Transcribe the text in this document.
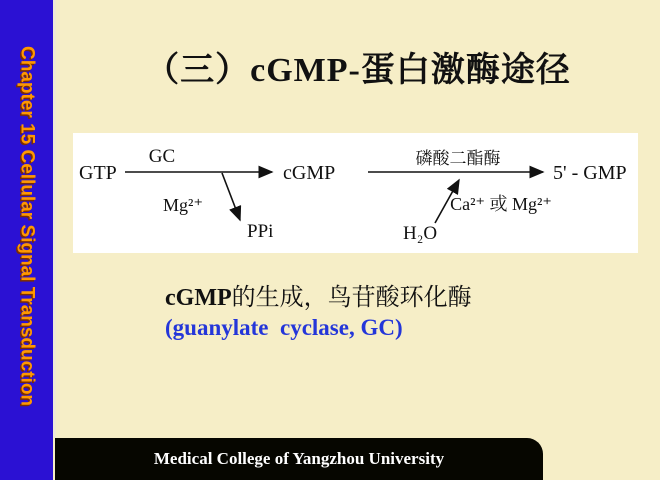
Chapter 15 Cellular Signal Transduction	（三）cGMP-蛋白激酶途径
GTP
GC
Mg²⁺
PPi
cGMP
磷酸二酯酶
Ca²⁺ 或 Mg²⁺
H₂O
5' - GMP

cGMP的生成，鸟苷酸环化酶

(guanylate  cyclase, GC)

Medical College of Yangzhou University
